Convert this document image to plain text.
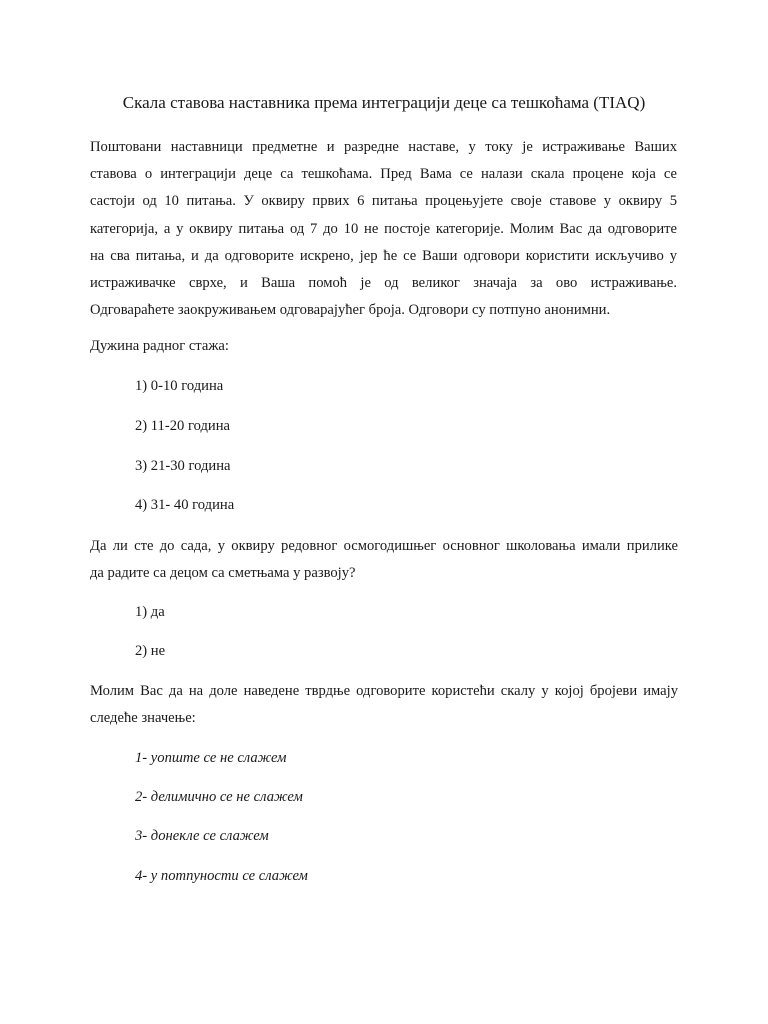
Скала ставова наставника према интеграцији деце са тешкоћама (TIAQ)
Поштовани наставници предметне и разредне наставе, у току је истраживање Ваших
ставова о интеграцији деце са тешкоћама. Пред Вама се налази скала процене која се
састоји од 10 питања. У оквиру првих 6 питања процењујете своје ставове у оквиру 5
категорија, а у оквиру питања од 7 до 10 не постоје категорије. Молим Вас да одговорите
на сва питања, и да одговорите искрено, јер ће се Ваши одговори користити искључиво у
истраживачке сврхе, и Ваша помоћ је од великог значаја за ово истраживање.
Одговараћете заокруживањем одговарајућег броја. Одговори су потпуно анонимни.
Дужина радног стажа:
1) 0-10 година
2) 11-20 година
3) 21-30 година
4) 31- 40 година
Да ли сте до сада, у оквиру редовног осмогодишњег основног школовања имали прилике
да радите са децом са сметњама у развоју?
1) да
2) не
Молим Вас да на доле наведене тврдње одговорите користећи скалу у којој бројеви имају
следеће значење:
1- уопште се не слажем
2- делимично се не слажем
3- донекле се слажем
4- у потпуности се слажем
